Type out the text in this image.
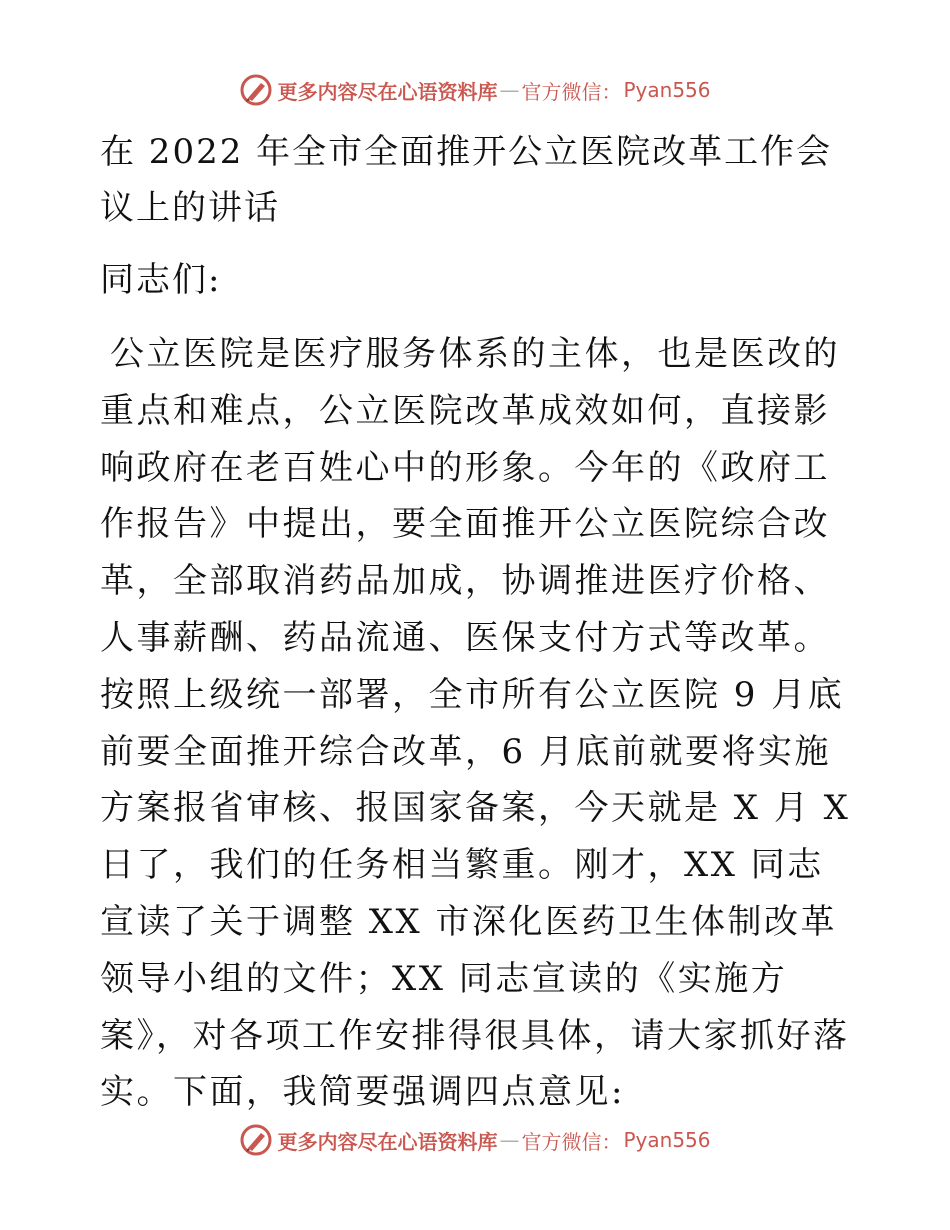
更多内容尽在心语资料库 — 官方微信： Pyan556
在 2022 年全市全面推开公立医院改革工作会议上的讲话

同志们:

公立医院是医疗服务体系的主体，也是医改的重点和难点，公立医院改革成效如何，直接影响政府在老百姓心中的形象。今年的《政府工作报告》中提出，要全面推开公立医院综合改革，全部取消药品加成，协调推进医疗价格、人事薪酬、药品流通、医保支付方式等改革。按照上级统一部署，全市所有公立医院 9 月底前要全面推开综合改革，6 月底前就要将实施方案报省审核、报国家备案，今天就是 X 月 X 日了，我们的任务相当繁重。刚才，XX 同志宣读了关于调整 XX 市深化医药卫生体制改革领导小组的文件；XX 同志宣读的《实施方案》，对各项工作安排得很具体，请大家抓好落实。下面，我简要强调四点意见:

更多内容尽在心语资料库 — 官方微信： Pyan556
